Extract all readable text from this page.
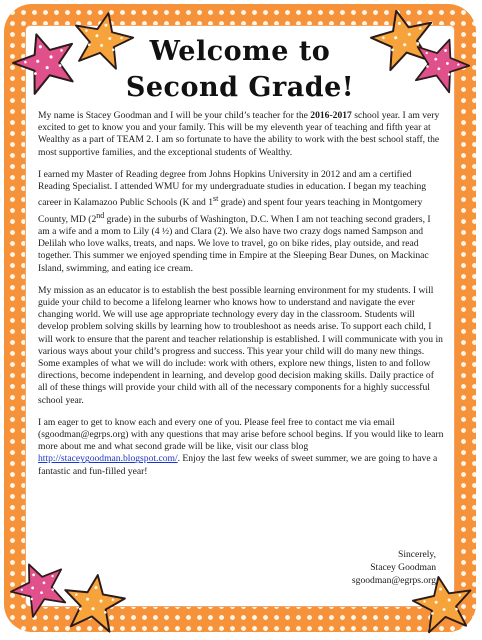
Welcome to
Second Grade!

My name is Stacey Goodman and I will be your child’s teacher for the 2016-2017 school year. I am very excited to get to know you and your family. This will be my eleventh year of teaching and fifth year at Wealthy as a part of TEAM 2. I am so fortunate to have the ability to work with the best school staff, the most supportive families, and the exceptional students of Wealthy.

I earned my Master of Reading degree from Johns Hopkins University in 2012 and am a certified Reading Specialist. I attended WMU for my undergraduate studies in education. I began my teaching career in Kalamazoo Public Schools (K and 1st grade) and spent four years teaching in Montgomery County, MD (2nd grade) in the suburbs of Washington, D.C. When I am not teaching second graders, I am a wife and a mom to Lily (4 ½) and Clara (2). We also have two crazy dogs named Sampson and Delilah who love walks, treats, and naps. We love to travel, go on bike rides, play outside, and read together. This summer we enjoyed spending time in Empire at the Sleeping Bear Dunes, on Mackinac Island, swimming, and eating ice cream.

My mission as an educator is to establish the best possible learning environment for my students. I will guide your child to become a lifelong learner who knows how to understand and navigate the ever changing world. We will use age appropriate technology every day in the classroom. Students will develop problem solving skills by learning how to troubleshoot as needs arise. To support each child, I will work to ensure that the parent and teacher relationship is established. I will communicate with you in various ways about your child’s progress and success. This year your child will do many new things. Some examples of what we will do include: work with others, explore new things, listen to and follow directions, become independent in learning, and develop good decision making skills. Daily practice of all of these things will provide your child with all of the necessary components for a highly successful school year.

I am eager to get to know each and every one of you. Please feel free to contact me via email (sgoodman@egrps.org) with any questions that may arise before school begins. If you would like to learn more about me and what second grade will be like, visit our class blog http://staceygoodman.blogspot.com/. Enjoy the last few weeks of sweet summer, we are going to have a fantastic and fun-filled year!

Sincerely,
Stacey Goodman
sgoodman@egrps.org
